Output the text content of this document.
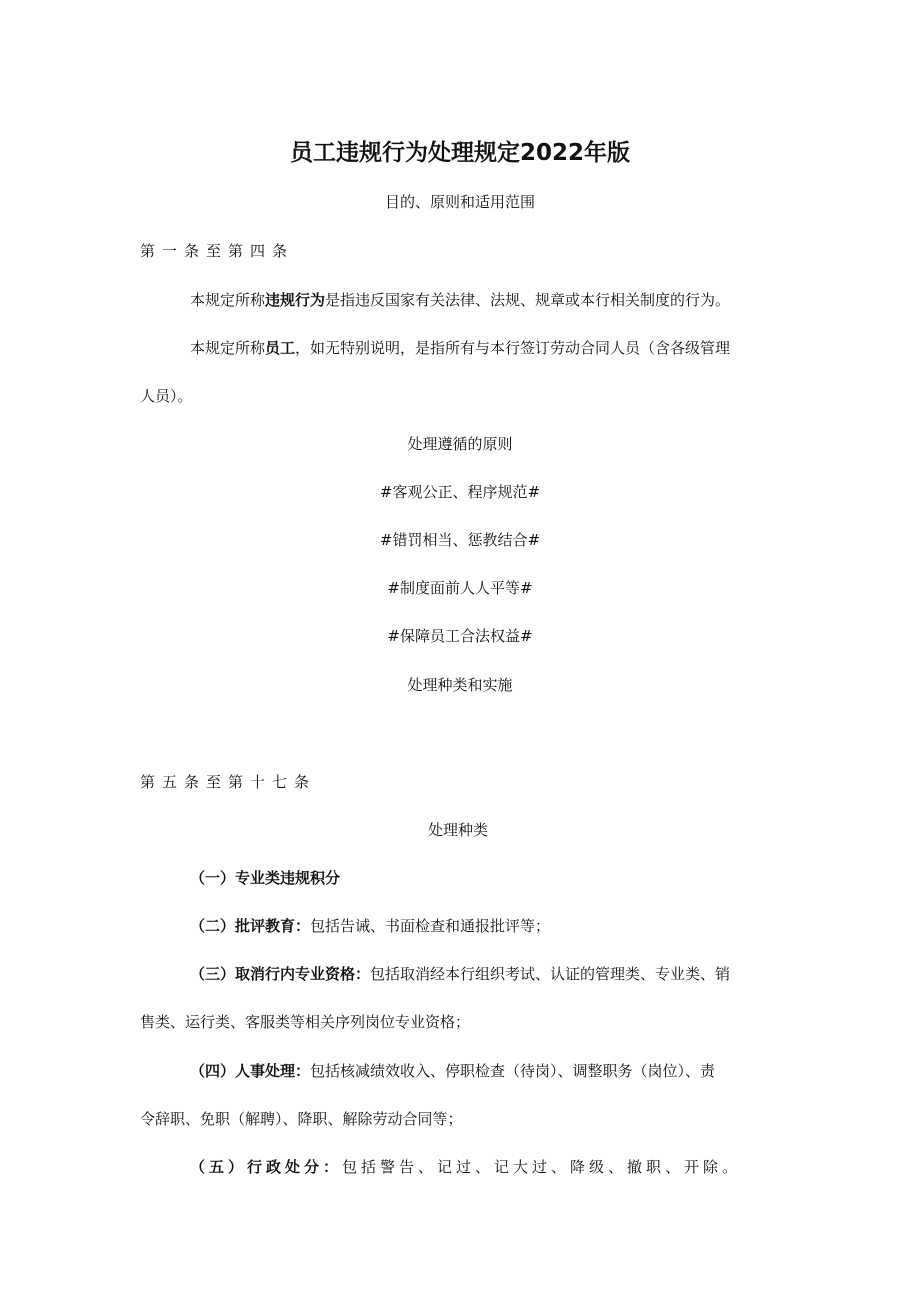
员工违规行为处理规定2022年版
目的、原则和适用范围
第一条至第四条
本规定所称违规行为是指违反国家有关法律、法规、规章或本行相关制度的行为。
本规定所称员工，如无特别说明，是指所有与本行签订劳动合同人员（含各级管理
人员）。
处理遵循的原则
#客观公正、程序规范#
#错罚相当、惩教结合#
#制度面前人人平等#
#保障员工合法权益#
处理种类和实施
第五条至第十七条
处理种类
（一）专业类违规积分
（二）批评教育：包括告诫、书面检查和通报批评等；
（三）取消行内专业资格：包括取消经本行组织考试、认证的管理类、专业类、销
售类、运行类、客服类等相关序列岗位专业资格；
（四）人事处理：包括核减绩效收入、停职检查（待岗）、调整职务（岗位）、责
令辞职、免职（解聘）、降职、解除劳动合同等；
（五）行政处分：包括警告、记过、记大过、降级、撤职、开除。
